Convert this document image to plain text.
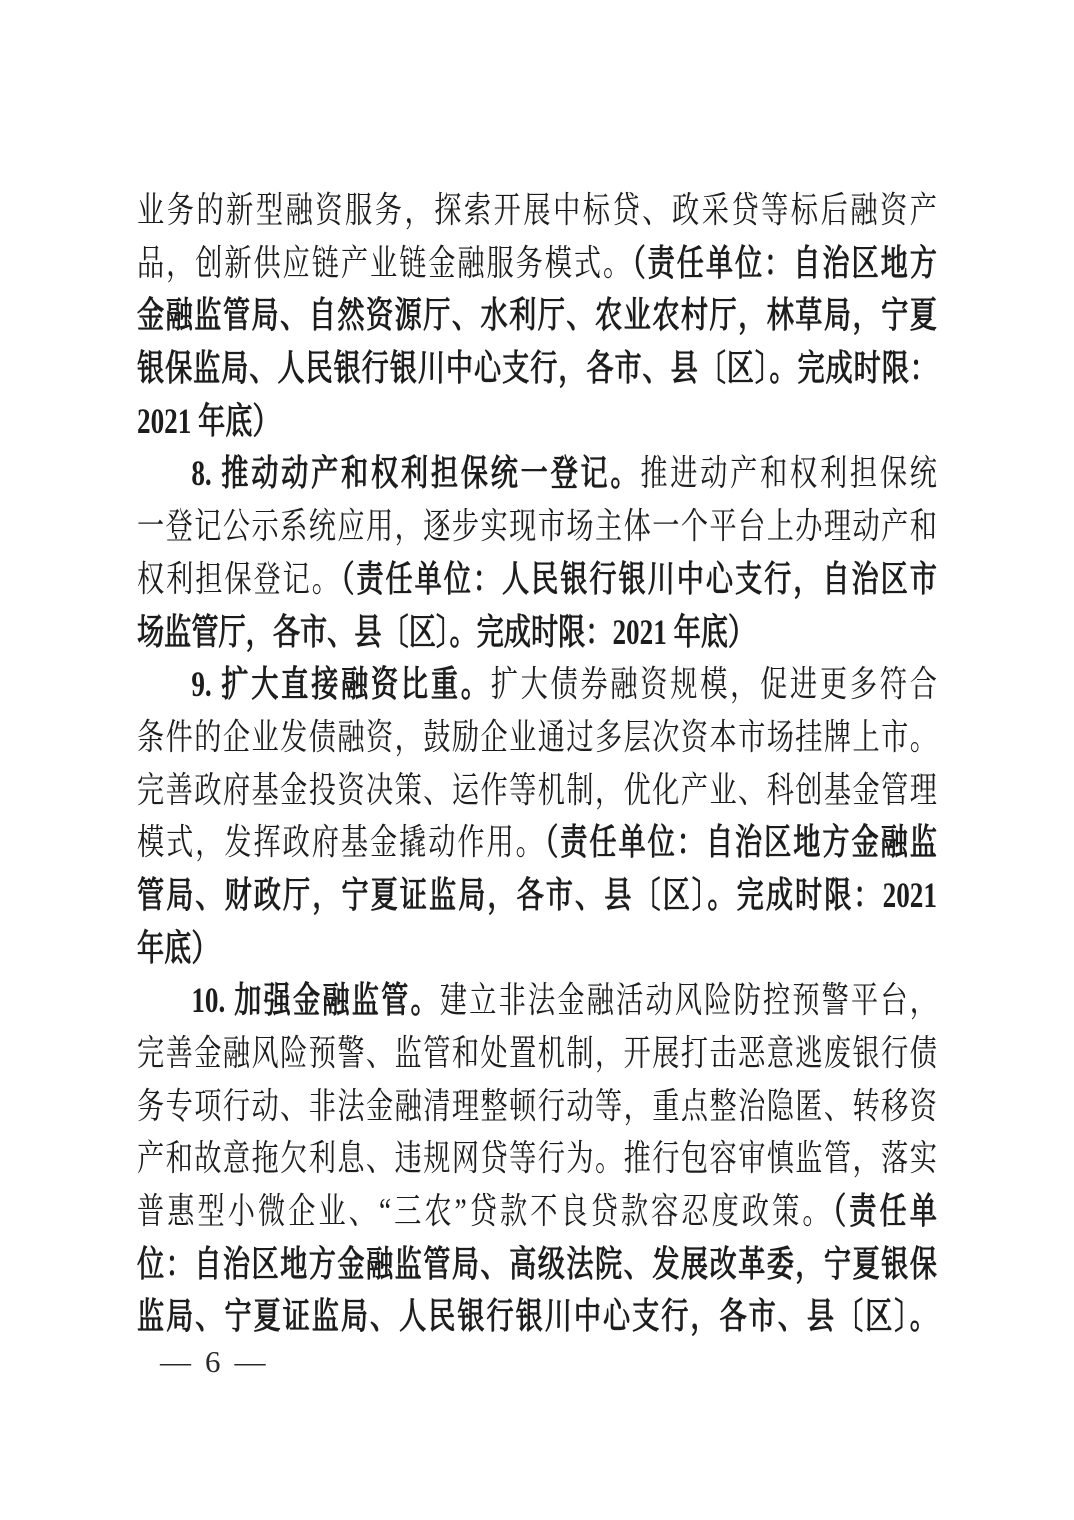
业务的新型融资服务，探索开展中标贷、政采贷等标后融资产
品，创新供应链产业链金融服务模式。（责任单位：自治区地方
金融监管局、自然资源厅、水利厅、农业农村厅，林草局，宁夏
银保监局、人民银行银川中心支行，各市、县〔区〕。完成时限：
2021 年底）
8. 推动动产和权利担保统一登记。推进动产和权利担保统
一登记公示系统应用，逐步实现市场主体一个平台上办理动产和
权利担保登记。（责任单位：人民银行银川中心支行，自治区市
场监管厅，各市、县〔区〕。完成时限：2021 年底）
9. 扩大直接融资比重。扩大债券融资规模，促进更多符合
条件的企业发债融资，鼓励企业通过多层次资本市场挂牌上市。
完善政府基金投资决策、运作等机制，优化产业、科创基金管理
模式，发挥政府基金撬动作用。（责任单位：自治区地方金融监
管局、财政厅，宁夏证监局，各市、县〔区〕。完成时限：2021
年底）
10. 加强金融监管。建立非法金融活动风险防控预警平台，
完善金融风险预警、监管和处置机制，开展打击恶意逃废银行债
务专项行动、非法金融清理整顿行动等，重点整治隐匿、转移资
产和故意拖欠利息、违规网贷等行为。推行包容审慎监管，落实
普惠型小微企业、“三农”贷款不良贷款容忍度政策。（责任单
位：自治区地方金融监管局、高级法院、发展改革委，宁夏银保
监局、宁夏证监局、人民银行银川中心支行，各市、县〔区〕。
— 6 —
